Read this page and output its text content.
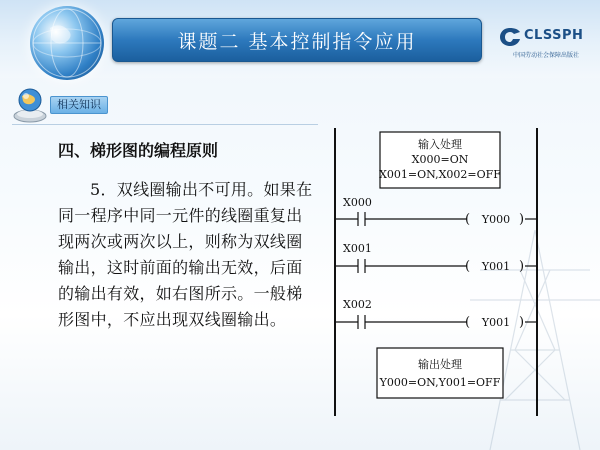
课题二 基本控制指令应用	CLSSPH
中国劳动社会保障出版社
相关知识
四、梯形图的编程原则
5．双线圈输出不可用。如果在同一程序中同一元件的线圈重复出现两次或两次以上，则称为双线圈输出，这时前面的输出无效，后面的输出有效，如右图所示。一般梯形图中，不应出现双线圈输出。
输入处理
X000=ON
X001=ON,X002=OFF
X000
( Y000 )
X001
( Y001 )
X002
( Y001 )
输出处理
Y000=ON,Y001=OFF
